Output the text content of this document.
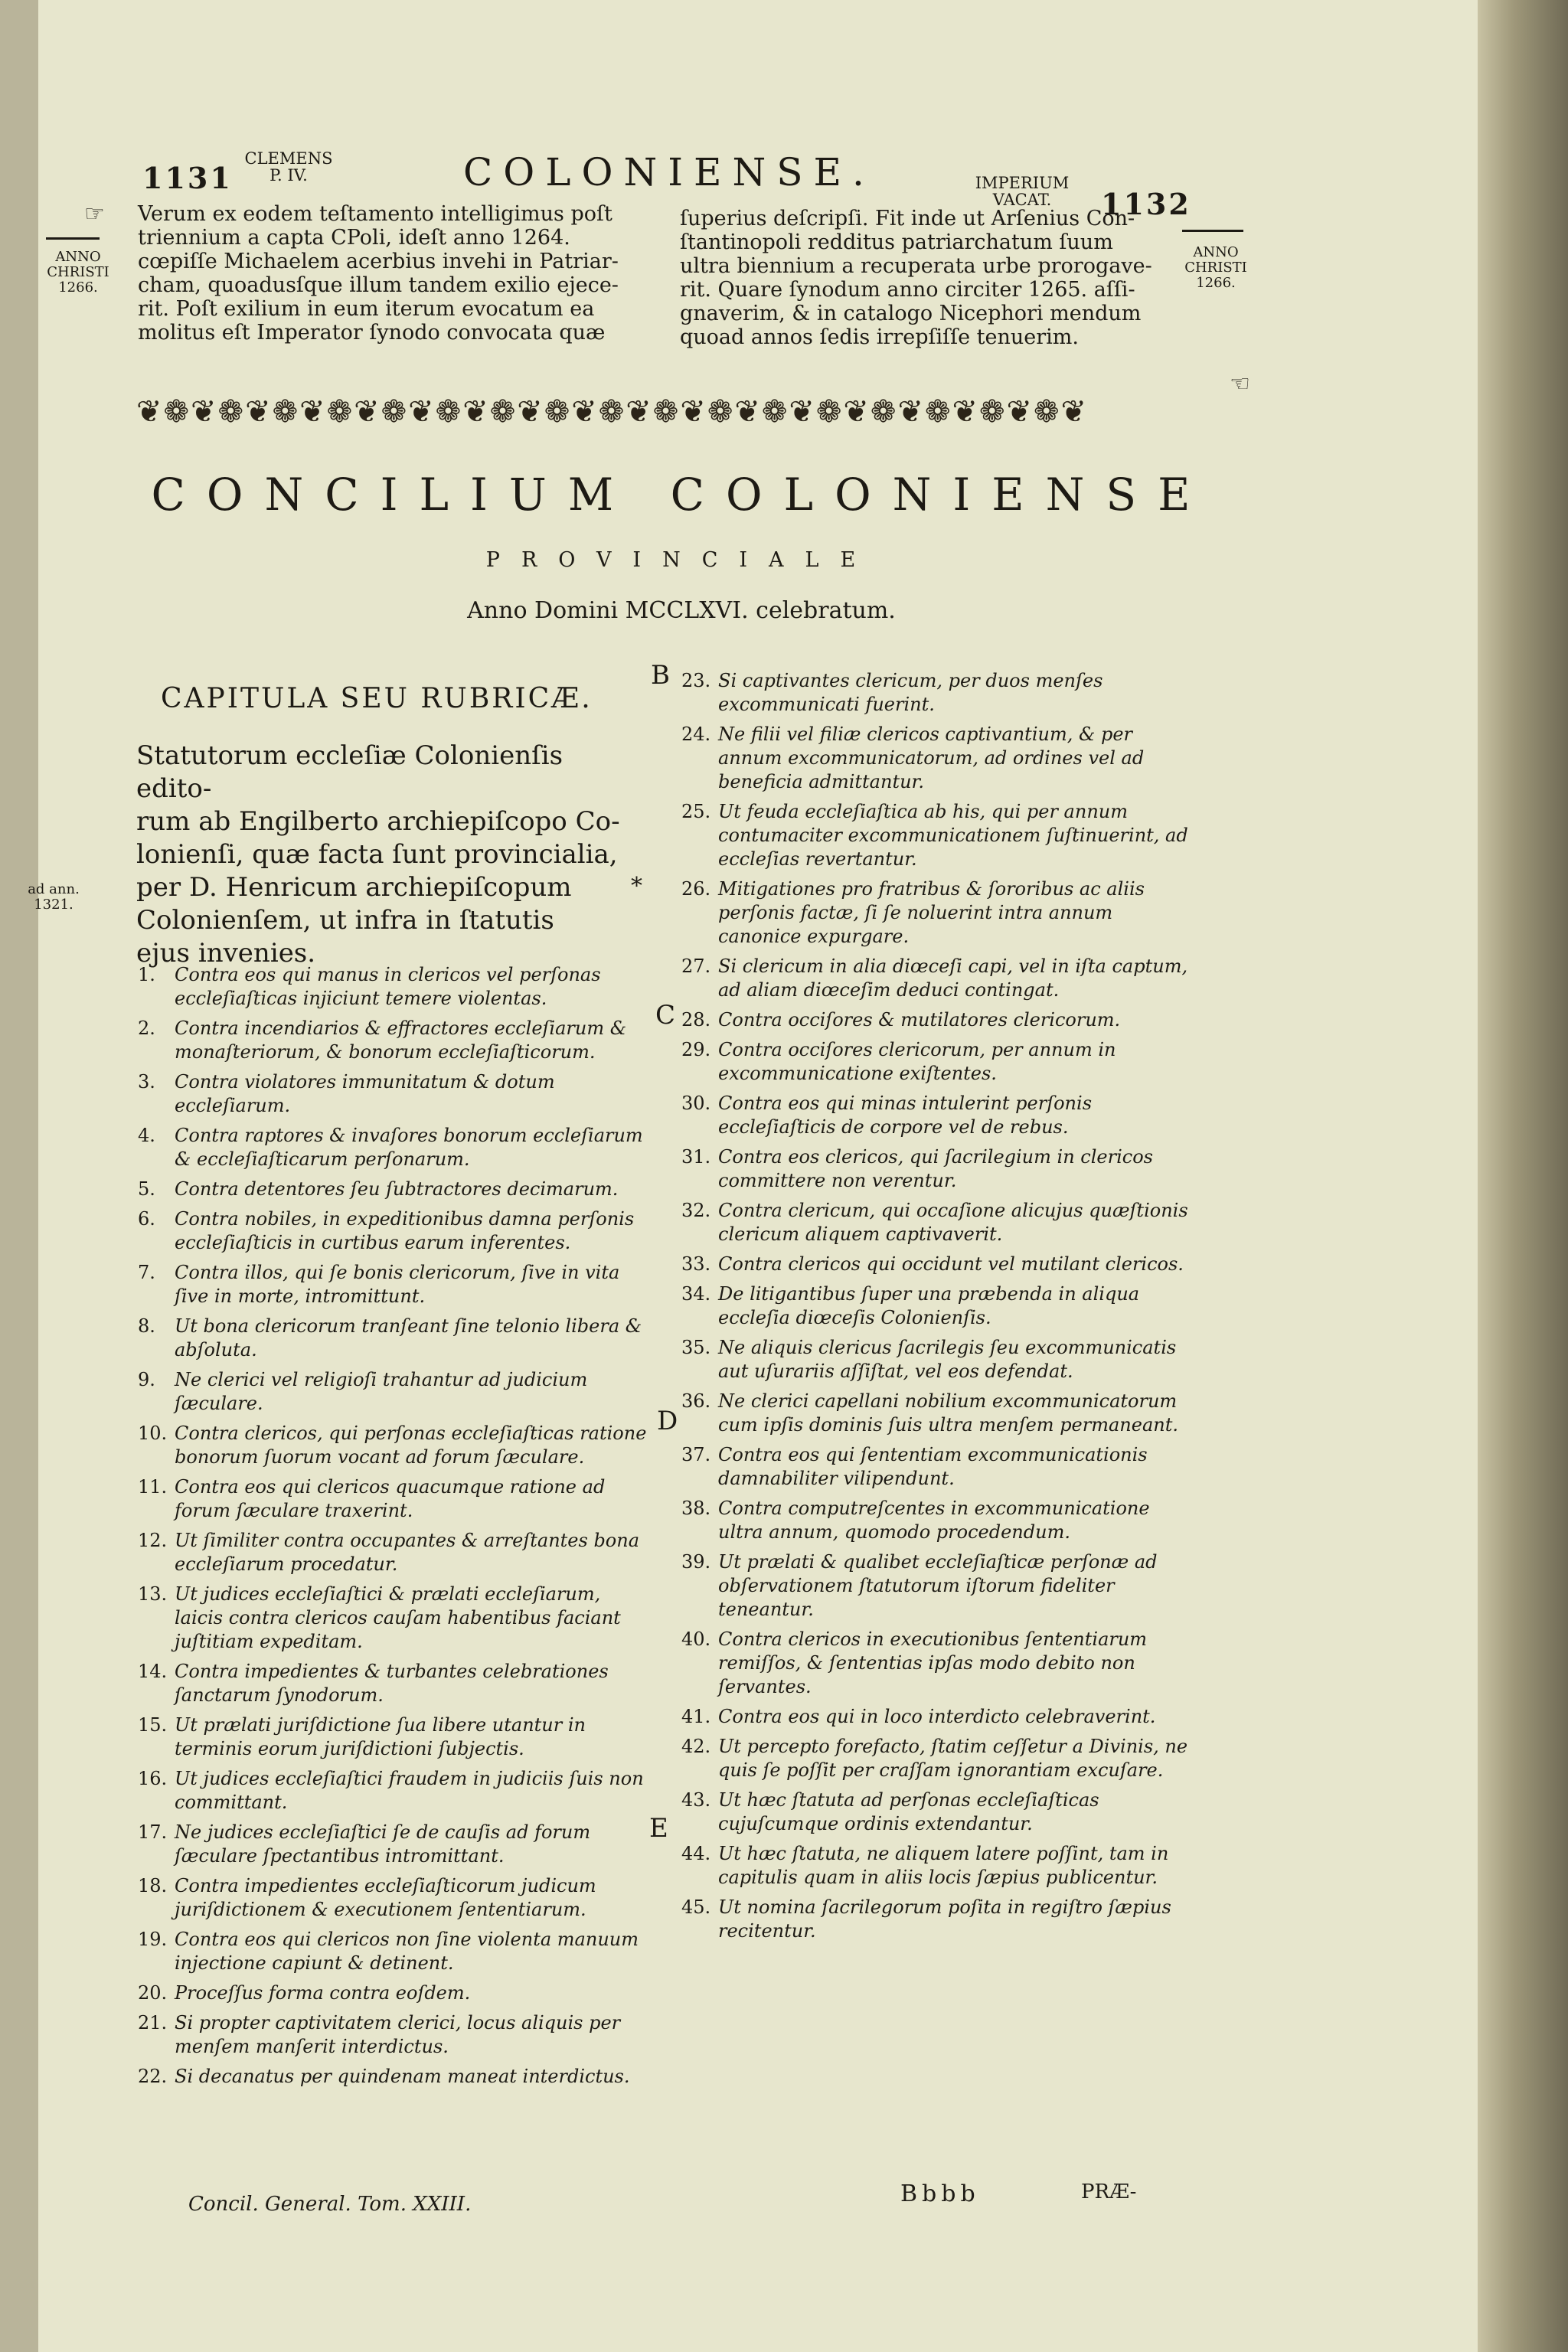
1131
CLEMENS
P. IV.	COLONIENSE.	IMPERIUM
VACAT.	1132
☞
ANNO
CHRISTI
1266.
ANNO
CHRISTI
1266.
ad ann.
1321.
*
Verum ex eodem teſtamento intelligimus poſt
triennium a capta CPoli, ideſt anno 1264.
cœpiſſe Michaelem acerbius invehi in Patriar-
cham, quoadusſque illum tandem exilio ejece-
rit. Poſt exilium in eum iterum evocatum ea
molitus eſt Imperator ſynodo convocata quæ
ſuperius deſcripſi. Fit inde ut Arſenius Con-
ſtantinopoli redditus patriarchatum ſuum
ultra biennium a recuperata urbe prorogave-
rit. Quare ſynodum anno circiter 1265. aſſi-
gnaverim, & in catalogo Nicephori mendum
quoad annos ſedis irrepſiſſe tenuerim.
☜
❦❁❦❁❦❁❦❁❦❁❦❁❦❁❦❁❦❁❦❁❦❁❦❁❦❁❦❁❦❁❦❁❦❁❦
CONCILIUM COLONIENSE
PROVINCIALE
Anno Domini MCCLXVI. celebratum.
B
C
D
E
CAPITULA SEU RUBRICÆ.
Statutorum eccleſiæ Colonienſis edito-
rum ab Engilberto archiepiſcopo Co-
lonienſi, quæ facta ſunt provincialia,
per D. Henricum archiepiſcopum
Colonienſem, ut infra in ſtatutis
ejus invenies.
1. Contra eos qui manus in clericos vel perſonas eccleſiaſticas injiciunt temere violentas.
2. Contra incendiarios & effractores eccleſiarum & monaſteriorum, & bonorum eccleſiaſticorum.
3. Contra violatores immunitatum & dotum eccleſiarum.
4. Contra raptores & invaſores bonorum eccleſiarum & eccleſiaſticarum perſonarum.
5. Contra detentores ſeu ſubtractores decimarum.
6. Contra nobiles, in expeditionibus damna perſonis eccleſiaſticis in curtibus earum inferentes.
7. Contra illos, qui ſe bonis clericorum, ſive in vita ſive in morte, intromittunt.
8. Ut bona clericorum tranſeant ſine telonio libera & abſoluta.
9. Ne clerici vel religioſi trahantur ad judicium ſæculare.
10. Contra clericos, qui perſonas eccleſiaſticas ratione bonorum ſuorum vocant ad forum ſæculare.
11. Contra eos qui clericos quacumque ratione ad forum ſæculare traxerint.
12. Ut ſimiliter contra occupantes & arreſtantes bona eccleſiarum procedatur.
13. Ut judices eccleſiaſtici & prælati eccleſiarum, laicis contra clericos cauſam habentibus faciant juſtitiam expeditam.
14. Contra impedientes & turbantes celebrationes ſanctarum ſynodorum.
15. Ut prælati juriſdictione ſua libere utantur in terminis eorum juriſdictioni ſubjectis.
16. Ut judices eccleſiaſtici fraudem in judiciis ſuis non committant.
17. Ne judices eccleſiaſtici ſe de cauſis ad forum ſæculare ſpectantibus intromittant.
18. Contra impedientes eccleſiaſticorum judicum juriſdictionem & executionem ſententiarum.
19. Contra eos qui clericos non ſine violenta manuum injectione capiunt & detinent.
20. Proceſſus forma contra eoſdem.
21. Si propter captivitatem clerici, locus aliquis per menſem manſerit interdictus.
22. Si decanatus per quindenam maneat interdictus.
23. Si captivantes clericum, per duos menſes excommunicati fuerint.
24. Ne filii vel filiæ clericos captivantium, & per annum excommunicatorum, ad ordines vel ad beneficia admittantur.
25. Ut feuda eccleſiaſtica ab his, qui per annum contumaciter excommunicationem ſuſtinuerint, ad eccleſias revertantur.
26. Mitigationes pro fratribus & ſororibus ac aliis perſonis factæ, ſi ſe noluerint intra annum canonice expurgare.
27. Si clericum in alia diœceſi capi, vel in iſta captum, ad aliam diœceſim deduci contingat.
28. Contra occiſores & mutilatores clericorum.
29. Contra occiſores clericorum, per annum in excommunicatione exiſtentes.
30. Contra eos qui minas intulerint perſonis eccleſiaſticis de corpore vel de rebus.
31. Contra eos clericos, qui ſacrilegium in clericos committere non verentur.
32. Contra clericum, qui occaſione alicujus quæſtionis clericum aliquem captivaverit.
33. Contra clericos qui occidunt vel mutilant clericos.
34. De litigantibus ſuper una præbenda in aliqua eccleſia diœceſis Colonienſis.
35. Ne aliquis clericus ſacrilegis ſeu excommunicatis aut uſurariis aſſiſtat, vel eos defendat.
36. Ne clerici capellani nobilium excommunicatorum cum ipſis dominis ſuis ultra menſem permaneant.
37. Contra eos qui ſententiam excommunicationis damnabiliter vilipendunt.
38. Contra computreſcentes in excommunicatione ultra annum, quomodo procedendum.
39. Ut prælati & qualibet eccleſiaſticæ perſonæ ad obſervationem ſtatutorum iſtorum fideliter teneantur.
40. Contra clericos in executionibus ſententiarum remiſſos, & ſententias ipſas modo debito non ſervantes.
41. Contra eos qui in loco interdicto celebraverint.
42. Ut percepto forefacto, ſtatim ceſſetur a Divinis, ne quis ſe poſſit per craſſam ignorantiam excuſare.
43. Ut hæc ſtatuta ad perſonas eccleſiaſticas cujuſcumque ordinis extendantur.
44. Ut hæc ſtatuta, ne aliquem latere poſſint, tam in capitulis quam in aliis locis ſæpius publicentur.
45. Ut nomina ſacrilegorum poſita in regiſtro ſæpius recitentur.
Concil. General. Tom. XXIII.	Bbbb	PRÆ-
